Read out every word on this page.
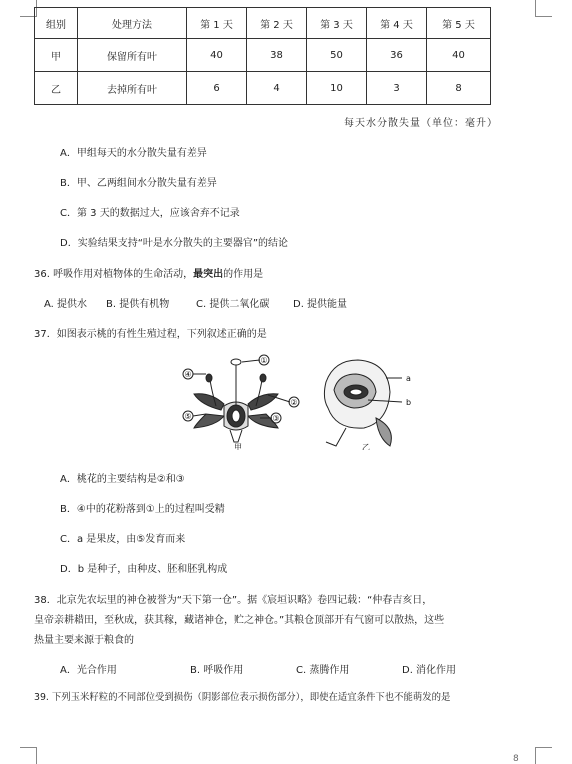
组别	处理方法	第 1 天	第 2 天	第 3 天	第 4 天	第 5 天
甲	保留所有叶	40	38	50	36	40
乙	去掉所有叶	6	4	10	3	8
每天水分散失量（单位：毫升）
A．甲组每天的水分散失量有差异
B．甲、乙两组间水分散失量有差异
C．第 3 天的数据过大，应该舍弃不记录
D．实验结果支持“叶是水分散失的主要器官”的结论
36. 呼吸作用对植物体的生命活动，最突出的作用是
A. 提供水 B. 提供有机物	C. 提供二氧化碳 D. 提供能量
37．如图表示桃的有性生殖过程，下列叙述正确的是
①
②
③
④
⑤
a
b
甲	乙
A．桃花的主要结构是②和③
B．④中的花粉落到①上的过程叫受精
C．a 是果皮，由⑤发育而来
D．b 是种子，由种皮、胚和胚乳构成
38．北京先农坛里的神仓被誉为“天下第一仓”。据《宸垣识略》卷四记载：“仲春吉亥日，
皇帝亲耕耤田，至秋成，获其稼，藏诸神仓，贮之神仓。”其粮仓顶部开有气窗可以散热，这些
热量主要来源于粮食的
A．光合作用	B. 呼吸作用	C. 蒸腾作用	D. 消化作用
39. 下列玉米籽粒的不同部位受到损伤（阴影部位表示损伤部分），即使在适宜条件下也不能萌发的是
8
